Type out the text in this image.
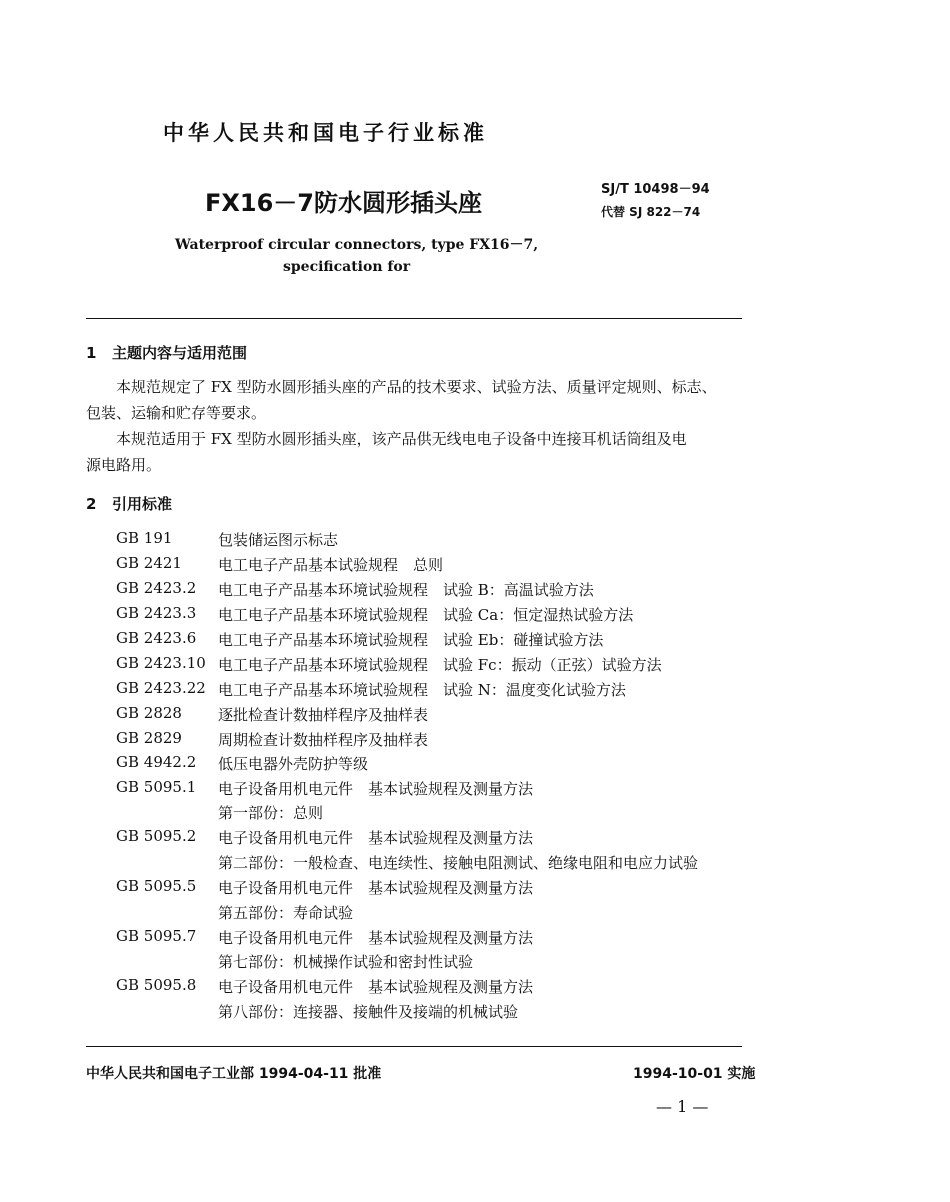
中华人民共和国电子行业标准
FX16－7防水圆形插头座	SJ/T 10498－94
代替 SJ 822－74
Waterproof circular connectors, type FX16－7,
specification for
1 主题内容与适用范围
本规范规定了 FX 型防水圆形插头座的产品的技术要求、试验方法、质量评定规则、标志、
包装、运输和贮存等要求。
本规范适用于 FX 型防水圆形插头座，该产品供无线电电子设备中连接耳机话筒组及电
源电路用。
2 引用标准
GB 191	包装储运图示标志
GB 2421 电工电子产品基本试验规程　总则
GB 2423.2 电工电子产品基本环境试验规程　试验 B：高温试验方法
GB 2423.3 电工电子产品基本环境试验规程　试验 Ca：恒定湿热试验方法
GB 2423.6 电工电子产品基本环境试验规程　试验 Eb：碰撞试验方法
GB 2423.10 电工电子产品基本环境试验规程　试验 Fc：振动（正弦）试验方法
GB 2423.22 电工电子产品基本环境试验规程　试验 N：温度变化试验方法
GB 2828 逐批检查计数抽样程序及抽样表
GB 2829 周期检查计数抽样程序及抽样表
GB 4942.2 低压电器外壳防护等级
GB 5095.1 电子设备用机电元件　基本试验规程及测量方法
第一部份：总则
GB 5095.2 电子设备用机电元件　基本试验规程及测量方法
第二部份：一般检查、电连续性、接触电阻测试、绝缘电阻和电应力试验
GB 5095.5 电子设备用机电元件　基本试验规程及测量方法
第五部份：寿命试验
GB 5095.7 电子设备用机电元件　基本试验规程及测量方法
第七部份：机械操作试验和密封性试验
GB 5095.8 电子设备用机电元件　基本试验规程及测量方法
第八部份：连接器、接触件及接端的机械试验
中华人民共和国电子工业部 1994-04-11 批准	1994-10-01 实施
— 1 —
